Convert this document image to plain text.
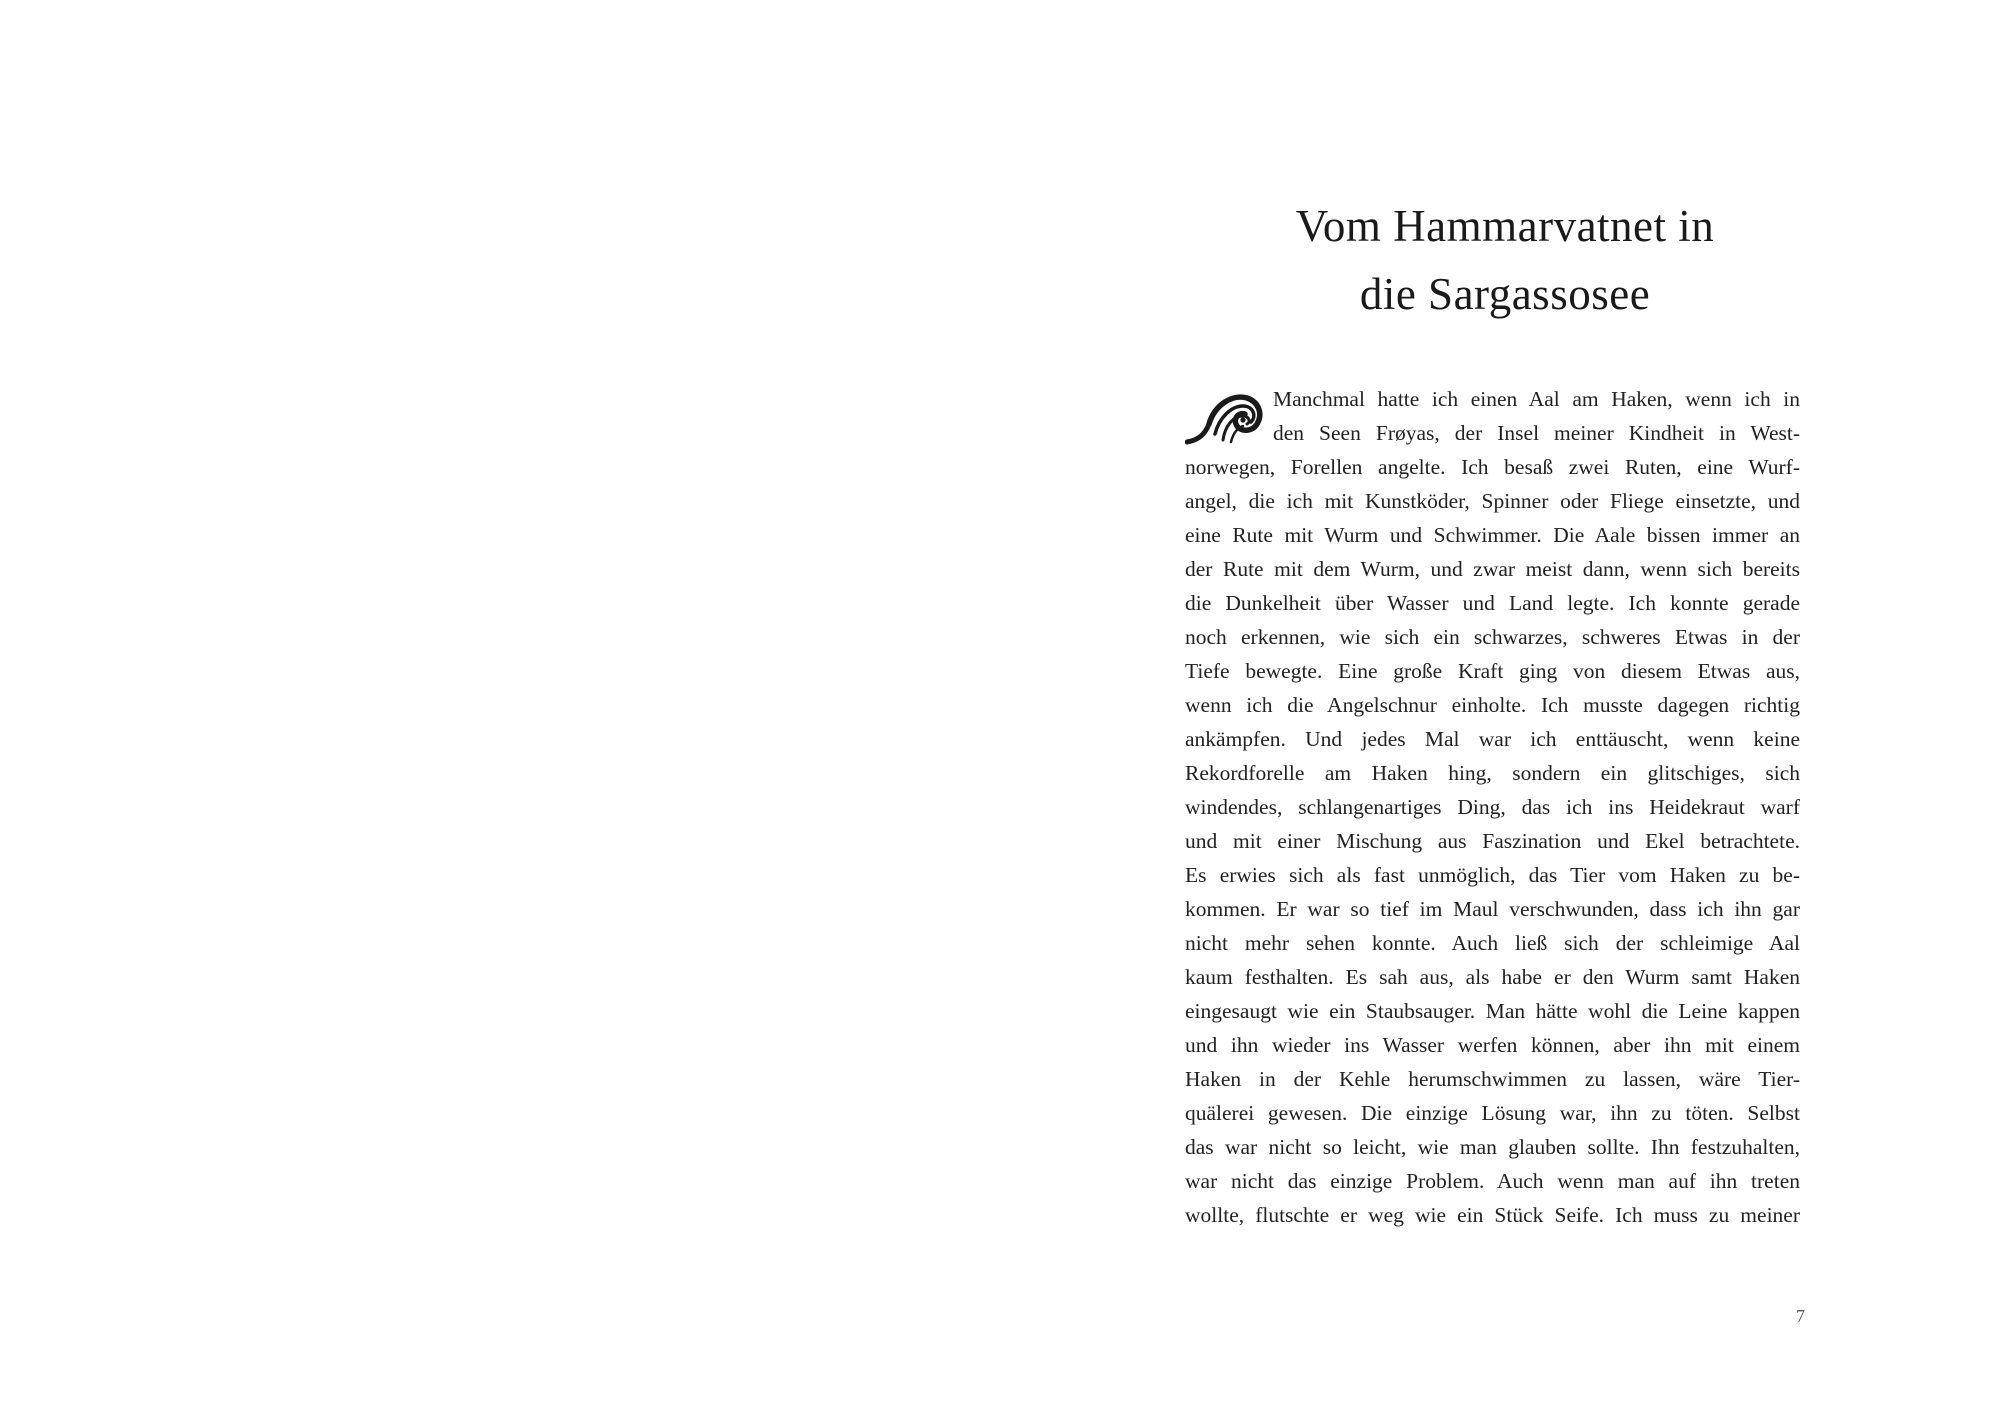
Vom Hammarvatnet in
die Sargassosee
Manchmal hatte ich einen Aal am Haken, wenn ich in
den Seen Frøyas, der Insel meiner Kindheit in West-
norwegen, Forellen angelte. Ich besaß zwei Ruten, eine Wurf-
angel, die ich mit Kunstköder, Spinner oder Fliege einsetzte, und
eine Rute mit Wurm und Schwimmer. Die Aale bissen immer an
der Rute mit dem Wurm, und zwar meist dann, wenn sich bereits
die Dunkelheit über Wasser und Land legte. Ich konnte gerade
noch erkennen, wie sich ein schwarzes, schweres Etwas in der
Tiefe bewegte. Eine große Kraft ging von diesem Etwas aus,
wenn ich die Angelschnur einholte. Ich musste dagegen richtig
ankämpfen. Und jedes Mal war ich enttäuscht, wenn keine
Rekordforelle am Haken hing, sondern ein glitschiges, sich
windendes, schlangenartiges Ding, das ich ins Heidekraut warf
und mit einer Mischung aus Faszination und Ekel betrachtete.
Es erwies sich als fast unmöglich, das Tier vom Haken zu be-
kommen. Er war so tief im Maul verschwunden, dass ich ihn gar
nicht mehr sehen konnte. Auch ließ sich der schleimige Aal
kaum festhalten. Es sah aus, als habe er den Wurm samt Haken
eingesaugt wie ein Staubsauger. Man hätte wohl die Leine kappen
und ihn wieder ins Wasser werfen können, aber ihn mit einem
Haken in der Kehle herumschwimmen zu lassen, wäre Tier-
quälerei gewesen. Die einzige Lösung war, ihn zu töten. Selbst
das war nicht so leicht, wie man glauben sollte. Ihn festzuhalten,
war nicht das einzige Problem. Auch wenn man auf ihn treten
wollte, flutschte er weg wie ein Stück Seife. Ich muss zu meiner
7
